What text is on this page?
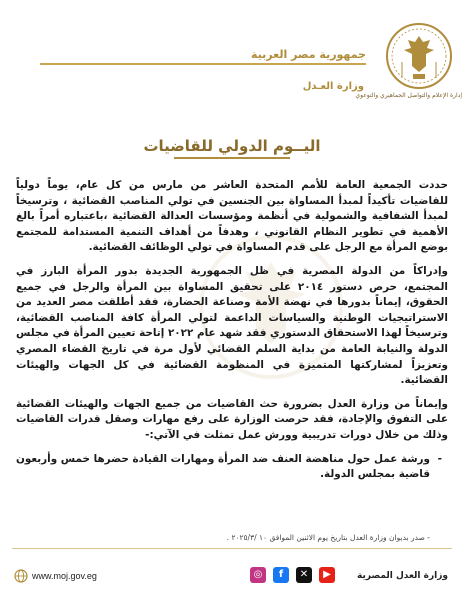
إدارة الإعلام والتواصل الجماهيري والتوعوي
جمهورية مصر العربية
وزارة العـدل
اليــوم الدولي للقاضيات

حددت الجمعية العامة للأمم المتحدة العاشر من مارس من كل عام، يوماً دولياً للقاضيات تأكيداً لمبدأ المساواة بين الجنسين في تولي المناصب القضائية ، وترسيخاً لمبدأ الشفافية والشمولية في أنظمة ومؤسسات العدالة القضائية ،باعتباره أمراً بالغ الأهمية في تطوير النظام القانوني ، وهدفاً من أهداف التنمية المستدامة للمجتمع بوضع المرأة مع الرجل على قدم المساواة في تولي الوظائف القضائية.

وإدراكاً من الدولة المصرية في ظل الجمهورية الجديدة بدور المرأة البارز في المجتمع، حرص دستور ٢٠١٤ على تحقيق المساواة بين المرأة والرجل في جميع الحقوق، إيماناً بدورها في نهضة الأمة وصناعة الحضارة، فقد أطلقت مصر العديد من الاستراتيجيات الوطنية والسياسات الداعمة لتولي المرأة كافة المناصب القضائية، وترسيخاً لهذا الاستحقاق الدستوري فقد شهد عام ٢٠٢٢ إتاحة تعيين المرأة في مجلس الدولة والنيابة العامة من بداية السلم القضائي لأول مرة في تاريخ القضاء المصري وتعزيزاً لمشاركتها المتميزة في المنظومة القضائية في كل الجهات والهيئات القضائية.

وإيماناً من وزارة العدل بضرورة حث القاضيات من جميع الجهات والهيئات القضائية على التفوق والإجادة، فقد حرصت الوزارة على رفع مهارات وصقل قدرات القاضيات وذلك من خلال دورات تدريبية وورش عمل تمثلت في الآتي:-

- ورشة عمل حول مناهضة العنف ضد المرأة ومهارات القيادة حضرها خمس وأربعون قاضية بمجلس الدولة.
- صدر بديوان وزارة العدل بتاريخ يوم الاثنين الموافق ١٠ /٢٠٢٥/٣ .
www.moj.gov.eg	◎	f	✕	▶	وزارة العدل المصرية
